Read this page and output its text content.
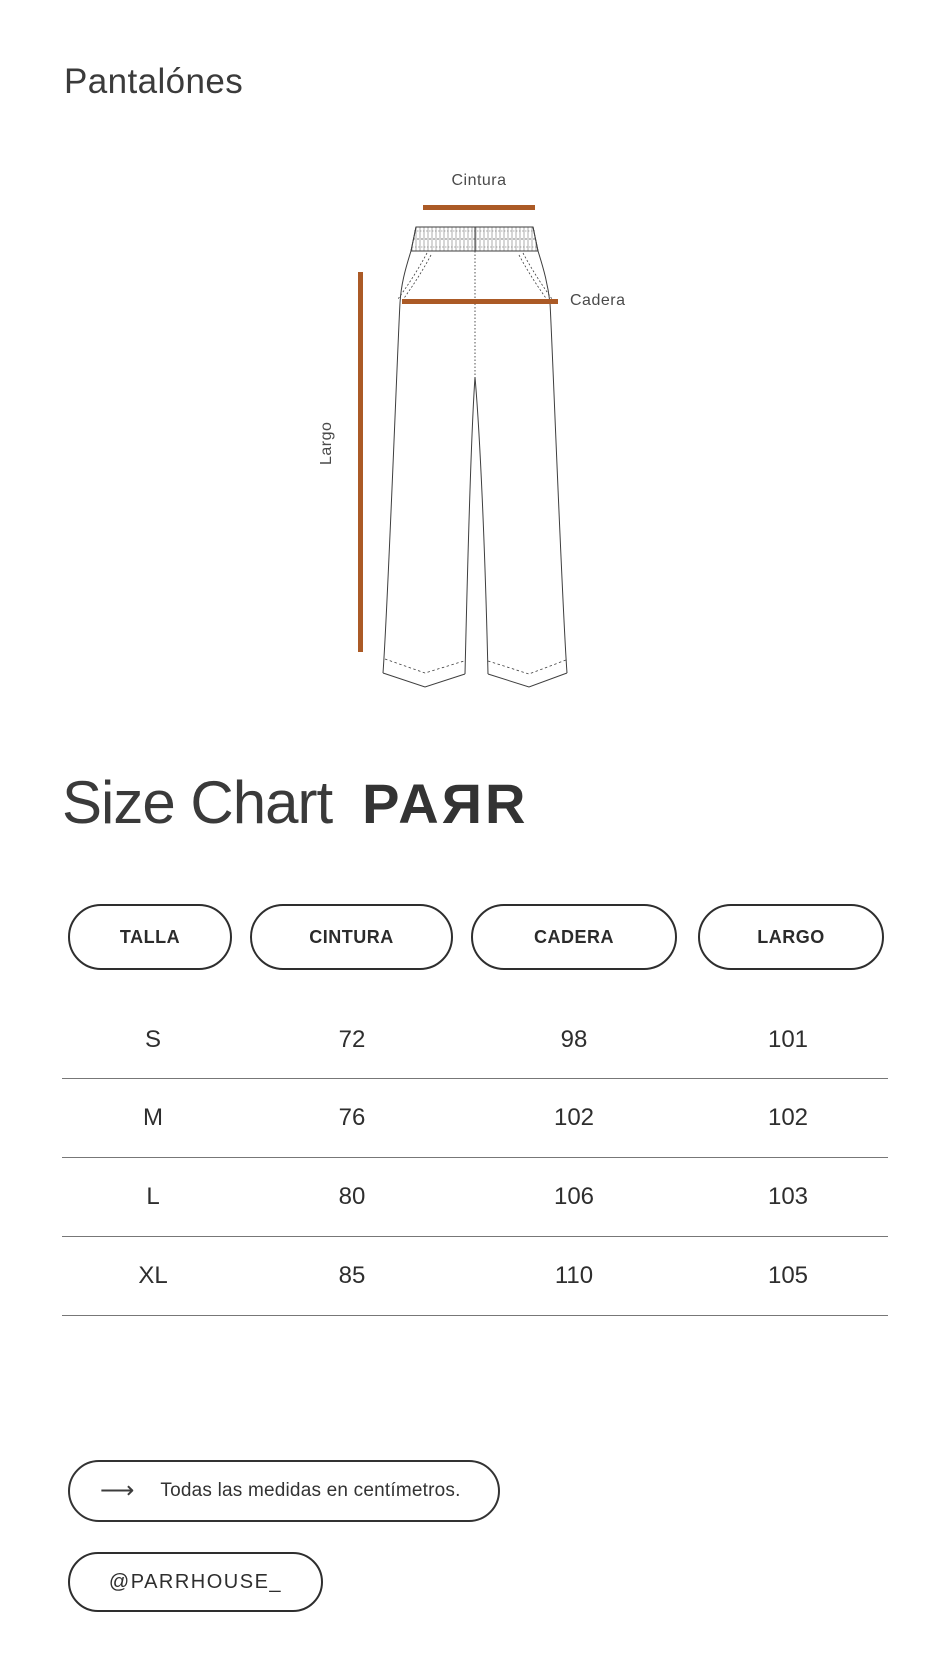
Pantalónes
Cintura
Cadera
Largo
Size Chart PAЯR
TALLA	CINTURA	CADERA	LARGO
S	72	98	101
M	76	102	102
L	80	106	103
XL	85	110	105
⟶ Todas las medidas en centímetros.
@PARRHOUSE_
